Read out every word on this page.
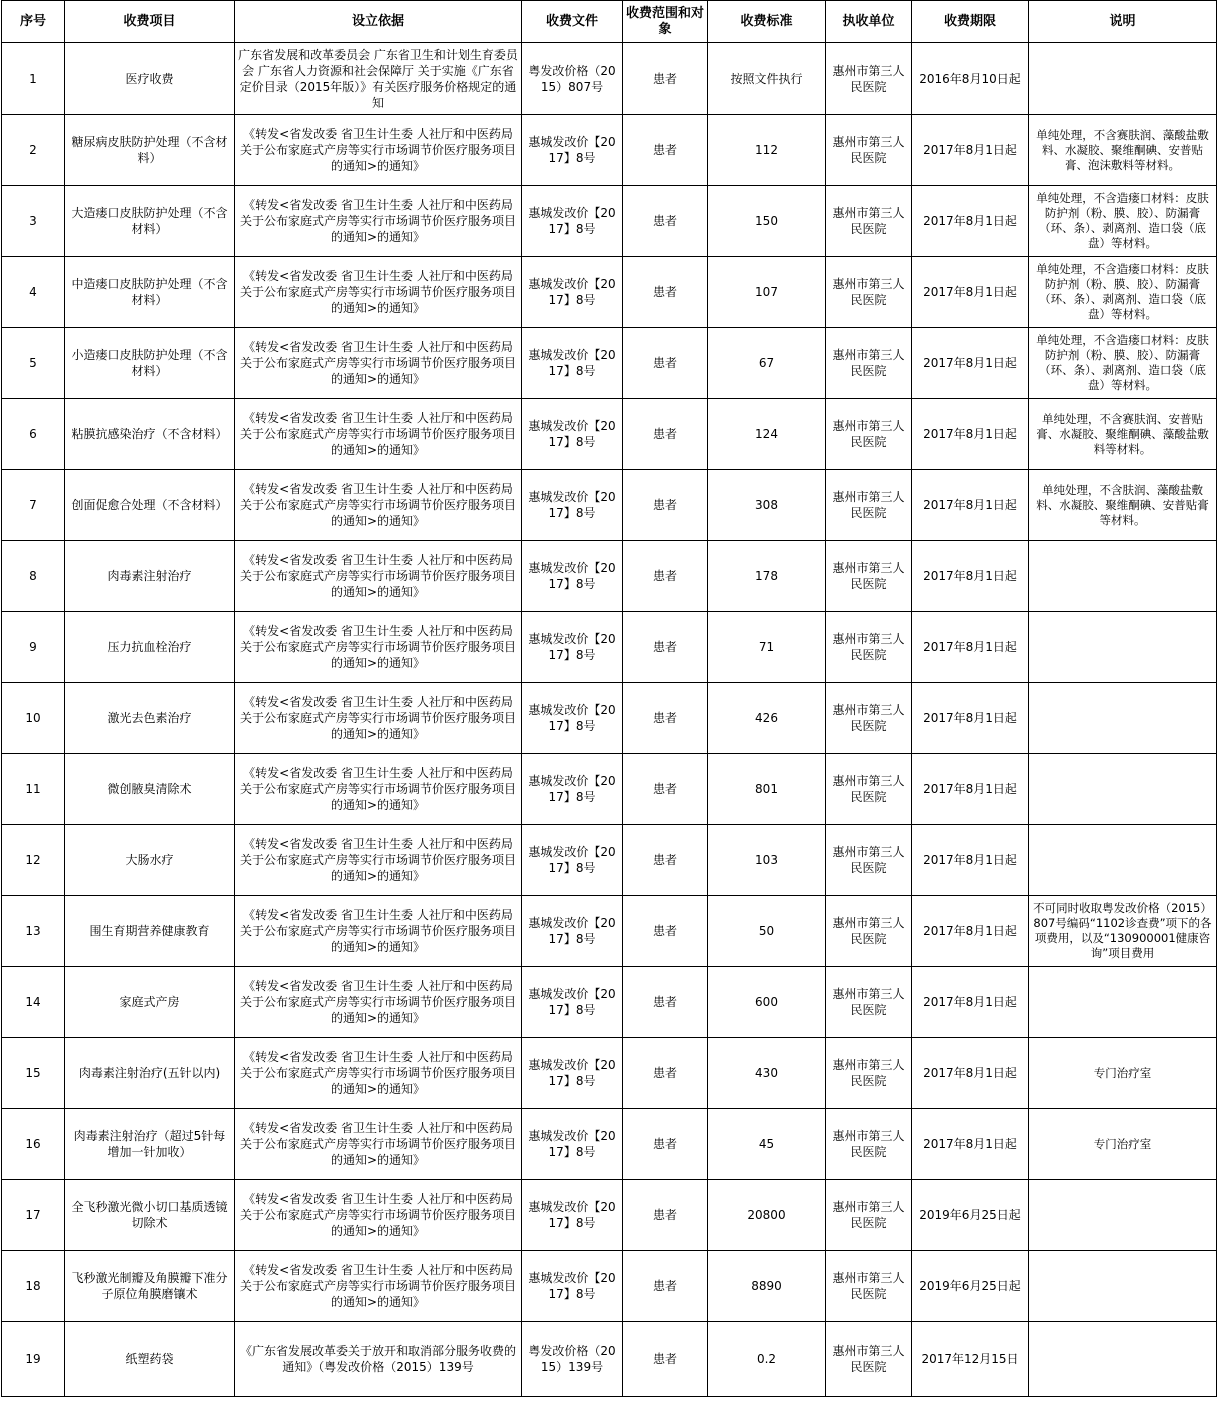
序号	收费项目	设立依据	收费文件	收费范围和对象	收费标准	执收单位	收费期限	说明
1	医疗收费	广东省发展和改革委员会 广东省卫生和计划生育委员会 广东省人力资源和社会保障厅 关于实施《广东省定价目录（2015年版）》有关医疗服务价格规定的通知	粤发改价格（2015）807号	患者	按照文件执行	惠州市第三人民医院	2016年8月10日起	
2	糖尿病皮肤防护处理（不含材料）	《转发<省发改委 省卫生计生委 人社厅和中医药局关于公布家庭式产房等实行市场调节价医疗服务项目的通知>的通知》	惠城发改价【2017】8号	患者	112	惠州市第三人民医院	2017年8月1日起	单纯处理，不含赛肤润、藻酸盐敷料、水凝胶、聚维酮碘、安普贴膏、泡沫敷料等材料。
3	大造瘘口皮肤防护处理（不含材料）	《转发<省发改委 省卫生计生委 人社厅和中医药局关于公布家庭式产房等实行市场调节价医疗服务项目的通知>的通知》	惠城发改价【2017】8号	患者	150	惠州市第三人民医院	2017年8月1日起	单纯处理，不含造瘘口材料：皮肤防护剂（粉、膜、胶）、防漏膏（环、条）、剥离剂、造口袋（底盘）等材料。
4	中造瘘口皮肤防护处理（不含材料）	《转发<省发改委 省卫生计生委 人社厅和中医药局关于公布家庭式产房等实行市场调节价医疗服务项目的通知>的通知》	惠城发改价【2017】8号	患者	107	惠州市第三人民医院	2017年8月1日起	单纯处理，不含造瘘口材料：皮肤防护剂（粉、膜、胶）、防漏膏（环、条）、剥离剂、造口袋（底盘）等材料。
5	小造瘘口皮肤防护处理（不含材料）	《转发<省发改委 省卫生计生委 人社厅和中医药局关于公布家庭式产房等实行市场调节价医疗服务项目的通知>的通知》	惠城发改价【2017】8号	患者	67	惠州市第三人民医院	2017年8月1日起	单纯处理，不含造瘘口材料：皮肤防护剂（粉、膜、胶）、防漏膏（环、条）、剥离剂、造口袋（底盘）等材料。
6	粘膜抗感染治疗（不含材料）	《转发<省发改委 省卫生计生委 人社厅和中医药局关于公布家庭式产房等实行市场调节价医疗服务项目的通知>的通知》	惠城发改价【2017】8号	患者	124	惠州市第三人民医院	2017年8月1日起	单纯处理，不含赛肤润、安普贴膏、水凝胶、聚维酮碘、藻酸盐敷料等材料。
7	创面促愈合处理（不含材料）	《转发<省发改委 省卫生计生委 人社厅和中医药局关于公布家庭式产房等实行市场调节价医疗服务项目的通知>的通知》	惠城发改价【2017】8号	患者	308	惠州市第三人民医院	2017年8月1日起	单纯处理，不含肤润、藻酸盐敷料、水凝胶、聚维酮碘、安普贴膏等材料。
8	肉毒素注射治疗	《转发<省发改委 省卫生计生委 人社厅和中医药局关于公布家庭式产房等实行市场调节价医疗服务项目的通知>的通知》	惠城发改价【2017】8号	患者	178	惠州市第三人民医院	2017年8月1日起	
9	压力抗血栓治疗	《转发<省发改委 省卫生计生委 人社厅和中医药局关于公布家庭式产房等实行市场调节价医疗服务项目的通知>的通知》	惠城发改价【2017】8号	患者	71	惠州市第三人民医院	2017年8月1日起	
10	激光去色素治疗	《转发<省发改委 省卫生计生委 人社厅和中医药局关于公布家庭式产房等实行市场调节价医疗服务项目的通知>的通知》	惠城发改价【2017】8号	患者	426	惠州市第三人民医院	2017年8月1日起	
11	微创腋臭清除术	《转发<省发改委 省卫生计生委 人社厅和中医药局关于公布家庭式产房等实行市场调节价医疗服务项目的通知>的通知》	惠城发改价【2017】8号	患者	801	惠州市第三人民医院	2017年8月1日起	
12	大肠水疗	《转发<省发改委 省卫生计生委 人社厅和中医药局关于公布家庭式产房等实行市场调节价医疗服务项目的通知>的通知》	惠城发改价【2017】8号	患者	103	惠州市第三人民医院	2017年8月1日起	
13	围生育期营养健康教育	《转发<省发改委 省卫生计生委 人社厅和中医药局关于公布家庭式产房等实行市场调节价医疗服务项目的通知>的通知》	惠城发改价【2017】8号	患者	50	惠州市第三人民医院	2017年8月1日起	不可同时收取粤发改价格（2015）807号编码“1102诊查费”项下的各项费用，以及“130900001健康咨询”项目费用
14	家庭式产房	《转发<省发改委 省卫生计生委 人社厅和中医药局关于公布家庭式产房等实行市场调节价医疗服务项目的通知>的通知》	惠城发改价【2017】8号	患者	600	惠州市第三人民医院	2017年8月1日起	
15	肉毒素注射治疗(五针以内)	《转发<省发改委 省卫生计生委 人社厅和中医药局关于公布家庭式产房等实行市场调节价医疗服务项目的通知>的通知》	惠城发改价【2017】8号	患者	430	惠州市第三人民医院	2017年8月1日起	专门治疗室
16	肉毒素注射治疗（超过5针每增加一针加收）	《转发<省发改委 省卫生计生委 人社厅和中医药局关于公布家庭式产房等实行市场调节价医疗服务项目的通知>的通知》	惠城发改价【2017】8号	患者	45	惠州市第三人民医院	2017年8月1日起	专门治疗室
17	全飞秒激光微小切口基质透镜切除术	《转发<省发改委 省卫生计生委 人社厅和中医药局关于公布家庭式产房等实行市场调节价医疗服务项目的通知>的通知》	惠城发改价【2017】8号	患者	20800	惠州市第三人民医院	2019年6月25日起	
18	飞秒激光制瓣及角膜瓣下准分子原位角膜磨镶术	《转发<省发改委 省卫生计生委 人社厅和中医药局关于公布家庭式产房等实行市场调节价医疗服务项目的通知>的通知》	惠城发改价【2017】8号	患者	8890	惠州市第三人民医院	2019年6月25日起	
19	纸塑药袋	《广东省发展改革委关于放开和取消部分服务收费的通知》（粤发改价格（2015）139号	粤发改价格（2015）139号	患者	0.2	惠州市第三人民医院	2017年12月15日	
